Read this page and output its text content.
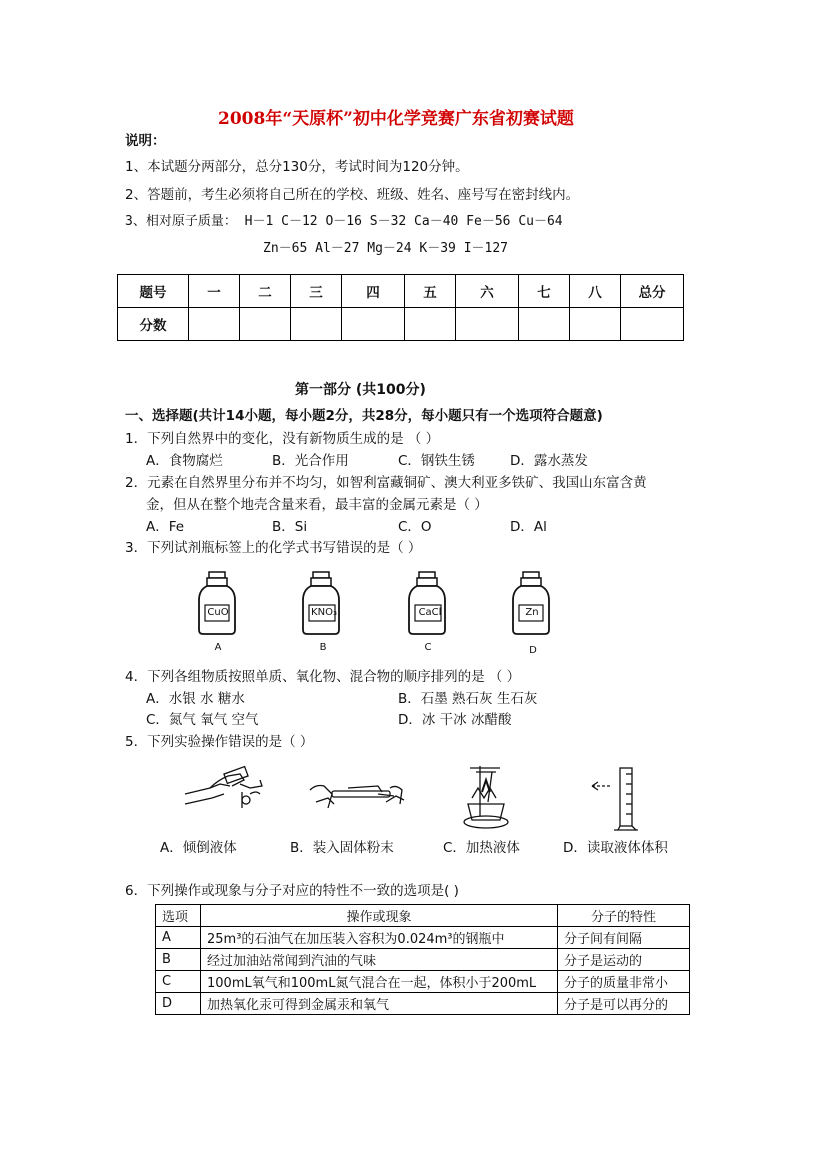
2008年“天原杯”初中化学竞赛广东省初赛试题
说明：
1、本试题分两部分，总分130分，考试时间为120分钟。
2、答题前，考生必须将自己所在的学校、班级、姓名、座号写在密封线内。
3、相对原子质量： H－1 C－12 O－16 S－32 Ca－40 Fe－56 Cu－64
Zn－65 Al－27 Mg－24 K－39 I－127
题号	一	二	三	四	五	六	七	八	总分
分数									
第一部分 (共100分)
一、选择题(共计14小题，每小题2分，共28分，每小题只有一个选项符合题意)
1．下列自然界中的变化，没有新物质生成的是 （ ）
A．食物腐烂	B．光合作用	C．钢铁生锈	D．露水蒸发
2．元素在自然界里分布并不均匀，如智利富藏铜矿、澳大利亚多铁矿、我国山东富含黄
金，但从在整个地壳含量来看，最丰富的金属元素是（ ）
A．Fe	B．Si	C．O	D．Al
3．下列试剂瓶标签上的化学式书写错误的是（ ）
CuO	KNO₃	CaCl	Zn
A	B	C	D
4．下列各组物质按照单质、氧化物、混合物的顺序排列的是 （ ）
A．水银 水 糖水	B．石墨 熟石灰 生石灰
C．氮气 氧气 空气	D．冰 干冰 冰醋酸
5．下列实验操作错误的是（ ）
A．倾倒液体	B．装入固体粉末	C．加热液体	D．读取液体体积
6．下列操作或现象与分子对应的特性不一致的选项是( )
选项	操作或现象	分子的特性
A	25m³的石油气在加压装入容积为0.024m³的钢瓶中	分子间有间隔
B	经过加油站常闻到汽油的气味	分子是运动的
C	100mL氧气和100mL氮气混合在一起，体积小于200mL	分子的质量非常小
D	加热氧化汞可得到金属汞和氧气	分子是可以再分的
